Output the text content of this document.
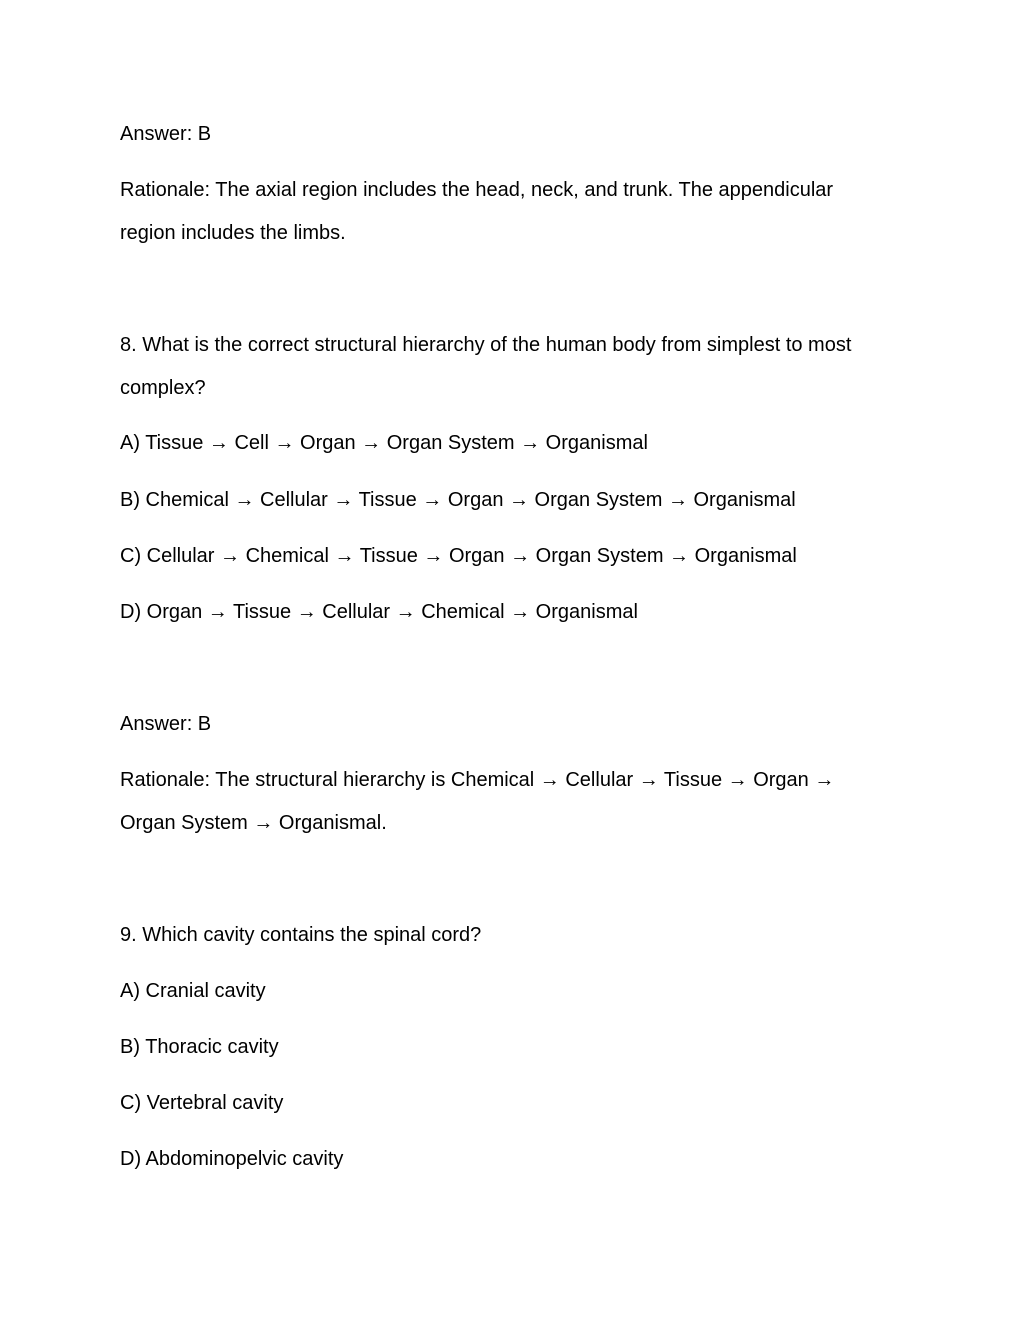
Answer: B

Rationale: The axial region includes the head, neck, and trunk. The appendicular region includes the limbs.

8. What is the correct structural hierarchy of the human body from simplest to most complex?

A) Tissue → Cell → Organ → Organ System → Organismal

B) Chemical → Cellular → Tissue → Organ → Organ System → Organismal

C) Cellular → Chemical → Tissue → Organ → Organ System → Organismal

D) Organ → Tissue → Cellular → Chemical → Organismal

Answer: B

Rationale: The structural hierarchy is Chemical → Cellular → Tissue → Organ → Organ System → Organismal.

9. Which cavity contains the spinal cord?

A) Cranial cavity

B) Thoracic cavity

C) Vertebral cavity

D) Abdominopelvic cavity
